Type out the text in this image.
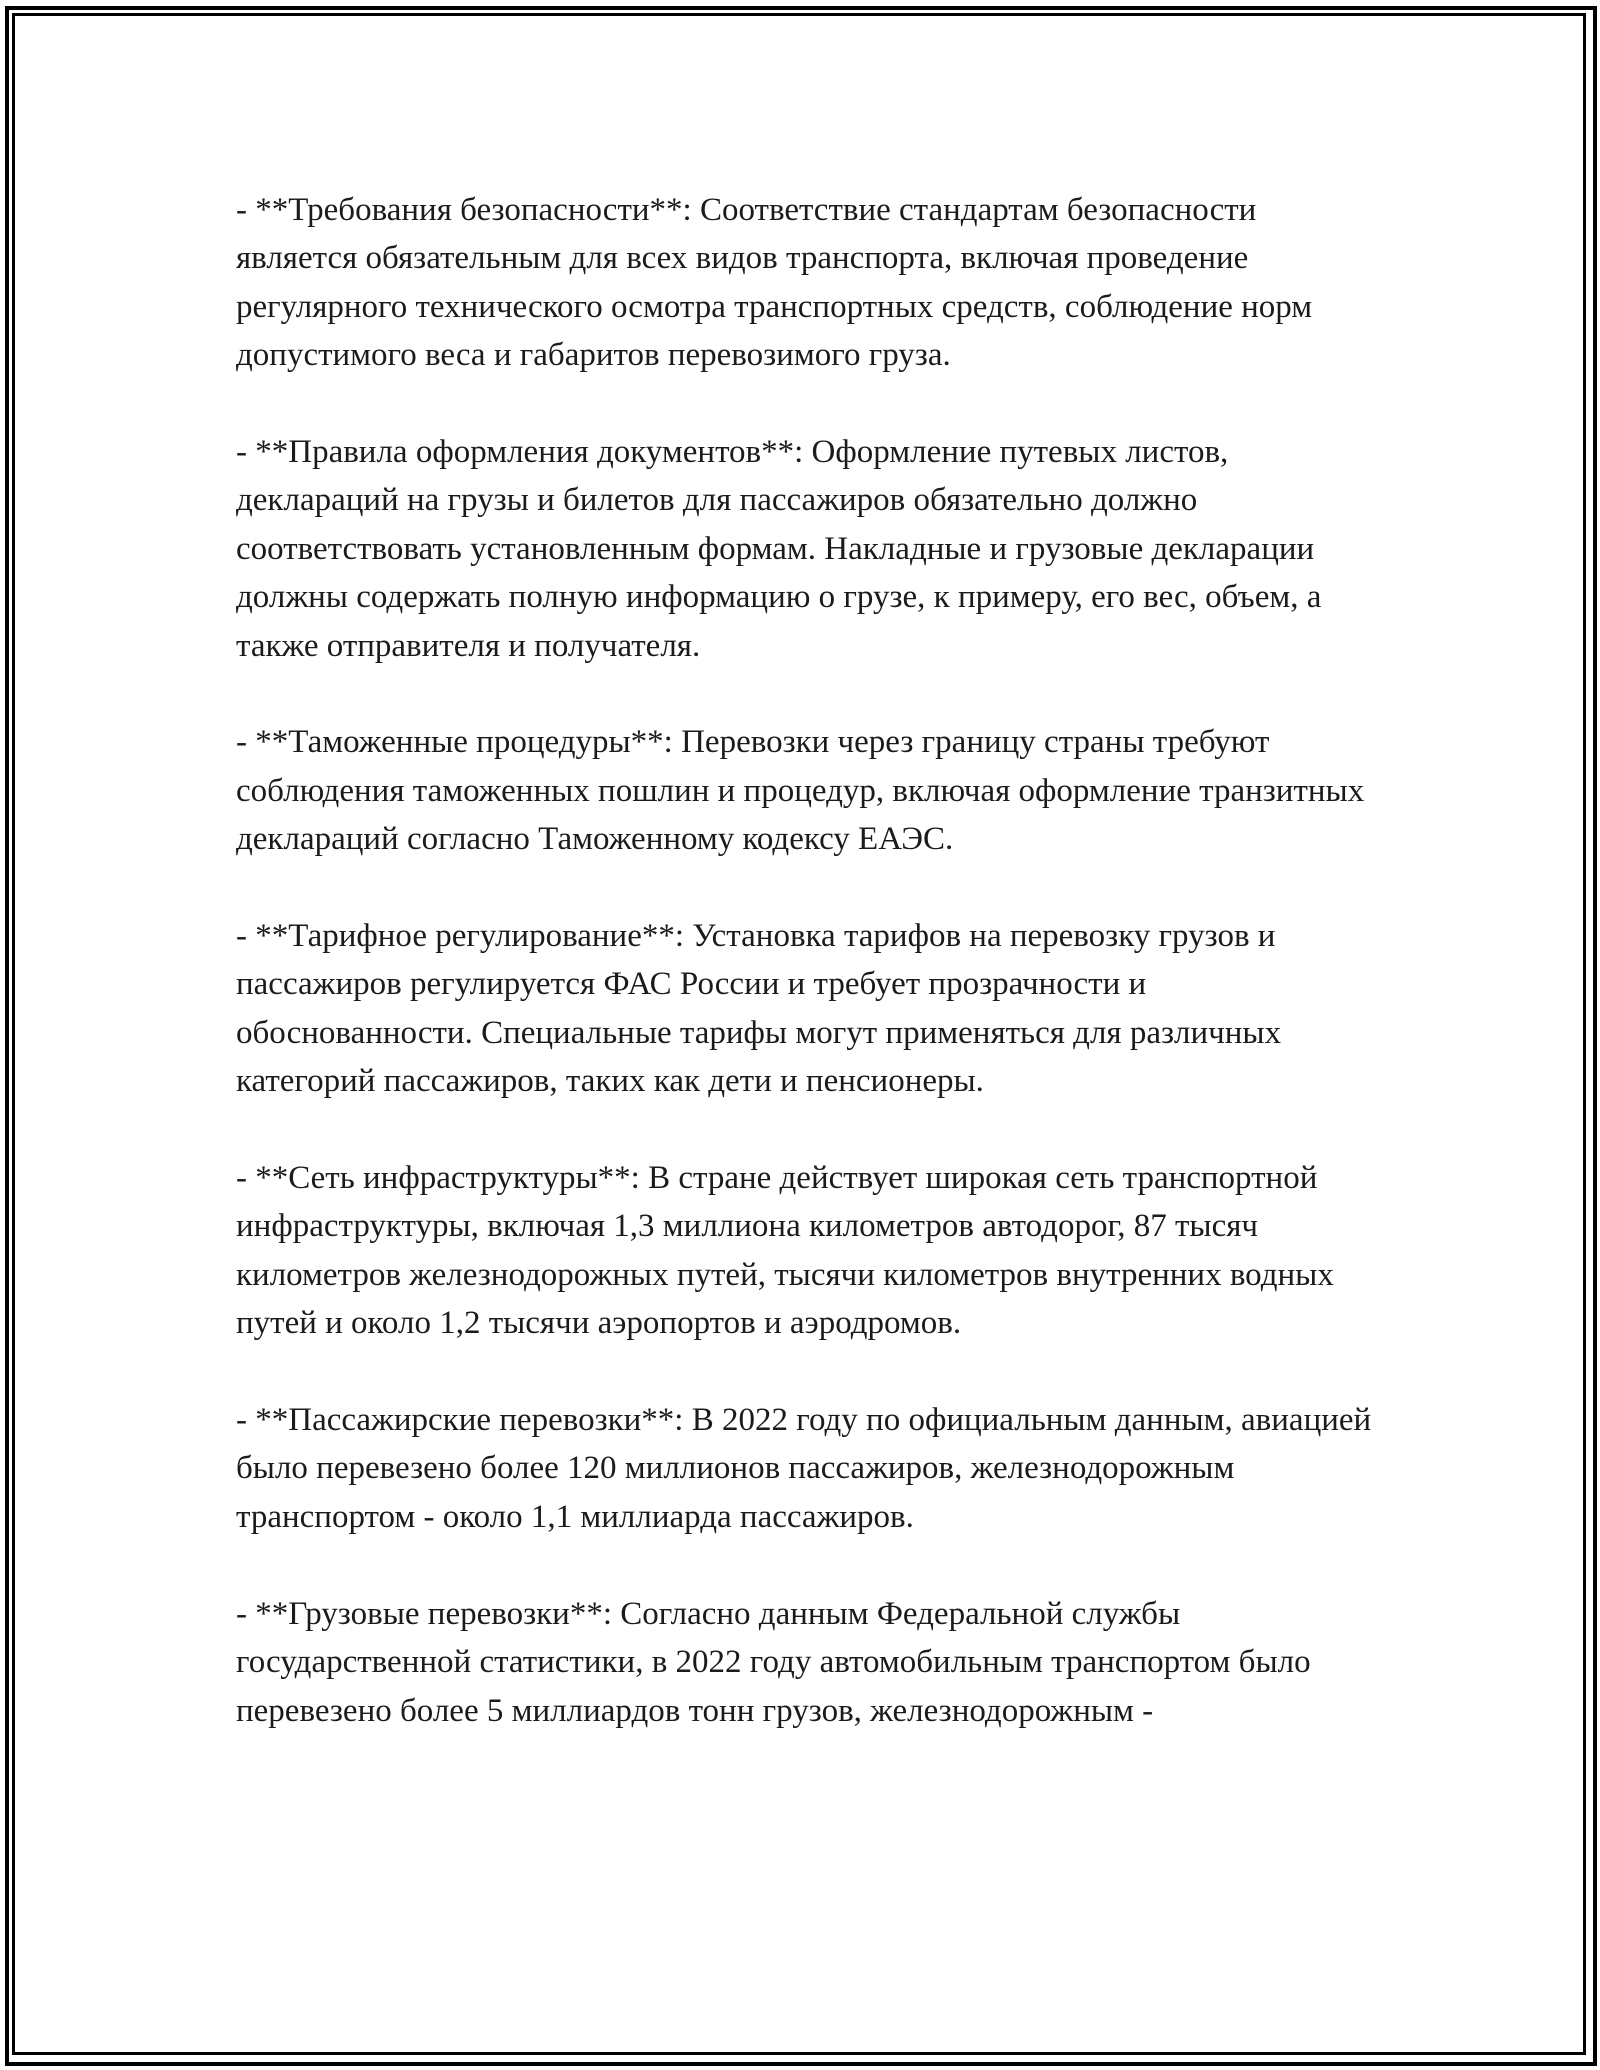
- **Требования безопасности**: Соответствие стандартам безопасности является обязательным для всех видов транспорта, включая проведение регулярного технического осмотра транспортных средств, соблюдение норм допустимого веса и габаритов перевозимого груза.

- **Правила оформления документов**: Оформление путевых листов, деклараций на грузы и билетов для пассажиров обязательно должно соответствовать установленным формам. Накладные и грузовые декларации должны содержать полную информацию о грузе, к примеру, его вес, объем, а также отправителя и получателя.

- **Таможенные процедуры**: Перевозки через границу страны требуют соблюдения таможенных пошлин и процедур, включая оформление транзитных деклараций согласно Таможенному кодексу ЕАЭС.

- **Тарифное регулирование**: Установка тарифов на перевозку грузов и пассажиров регулируется ФАС России и требует прозрачности и обоснованности. Специальные тарифы могут применяться для различных категорий пассажиров, таких как дети и пенсионеры.

- **Сеть инфраструктуры**: В стране действует широкая сеть транспортной инфраструктуры, включая 1,3 миллиона километров автодорог, 87 тысяч километров железнодорожных путей, тысячи километров внутренних водных путей и около 1,2 тысячи аэропортов и аэродромов.

- **Пассажирские перевозки**: В 2022 году по официальным данным, авиацией было перевезено более 120 миллионов пассажиров, железнодорожным транспортом - около 1,1 миллиарда пассажиров.

- **Грузовые перевозки**: Согласно данным Федеральной службы государственной статистики, в 2022 году автомобильным транспортом было перевезено более 5 миллиардов тонн грузов, железнодорожным -
